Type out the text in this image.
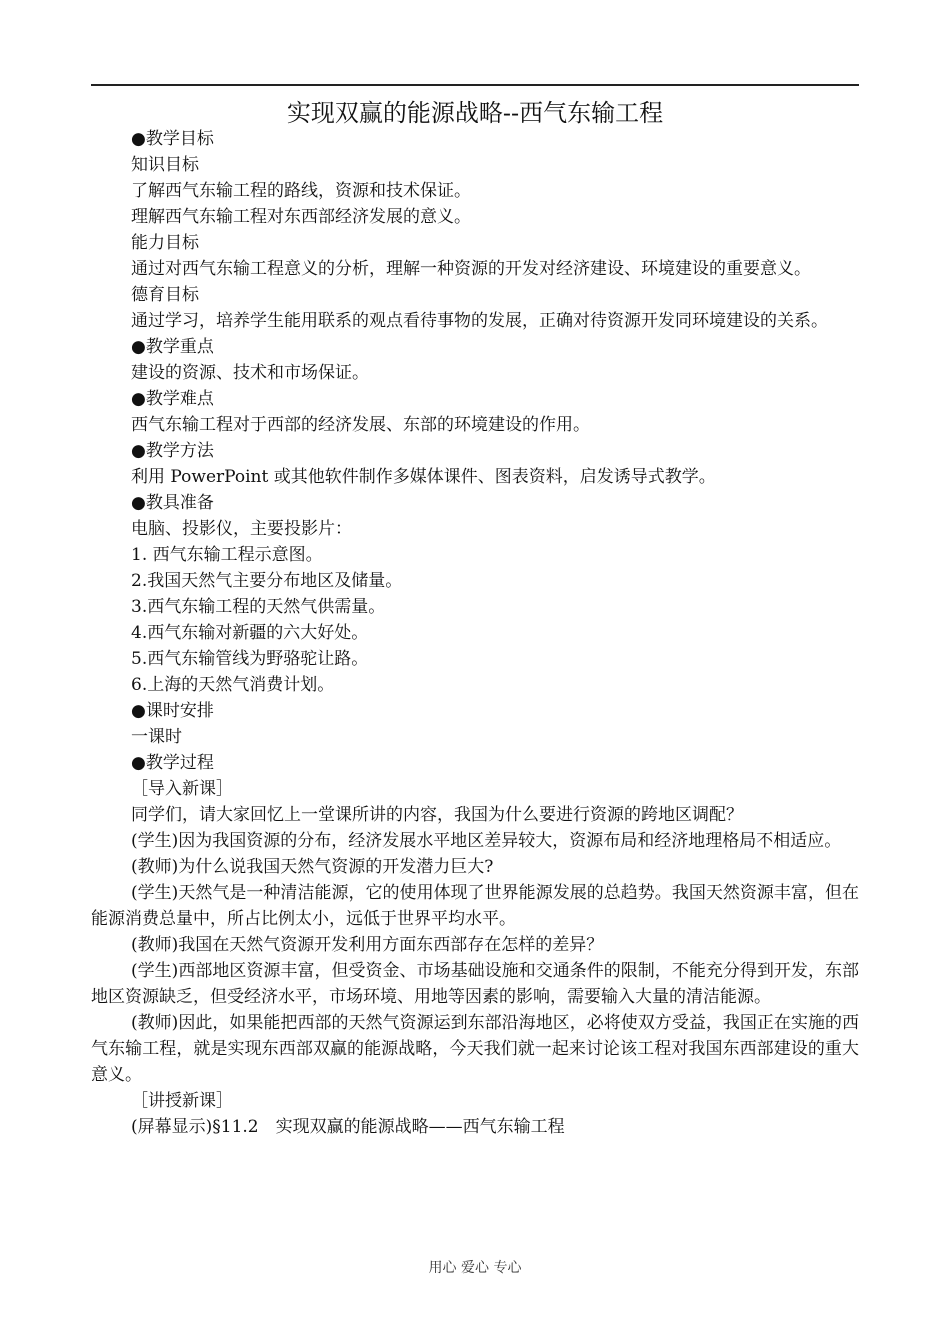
实现双赢的能源战略--西气东输工程

●教学目标

知识目标

了解西气东输工程的路线，资源和技术保证。

理解西气东输工程对东西部经济发展的意义。

能力目标

通过对西气东输工程意义的分析，理解一种资源的开发对经济建设、环境建设的重要意义。

德育目标

通过学习，培养学生能用联系的观点看待事物的发展，正确对待资源开发同环境建设的关系。

●教学重点

建设的资源、技术和市场保证。

●教学难点

西气东输工程对于西部的经济发展、东部的环境建设的作用。

●教学方法

利用 PowerPoint 或其他软件制作多媒体课件、图表资料，启发诱导式教学。

●教具准备

电脑、投影仪，主要投影片：

1. 西气东输工程示意图。

2.我国天然气主要分布地区及储量。

3.西气东输工程的天然气供需量。

4.西气东输对新疆的六大好处。

5.西气东输管线为野骆驼让路。

6.上海的天然气消费计划。

●课时安排

一课时

●教学过程

［导入新课］

同学们，请大家回忆上一堂课所讲的内容，我国为什么要进行资源的跨地区调配？

(学生)因为我国资源的分布，经济发展水平地区差异较大，资源布局和经济地理格局不相适应。

(教师)为什么说我国天然气资源的开发潜力巨大?

(学生)天然气是一种清洁能源，它的使用体现了世界能源发展的总趋势。我国天然资源丰富，但在能源消费总量中，所占比例太小，远低于世界平均水平。

(教师)我国在天然气资源开发利用方面东西部存在怎样的差异？

(学生)西部地区资源丰富，但受资金、市场基础设施和交通条件的限制，不能充分得到开发，东部地区资源缺乏，但受经济水平，市场环境、用地等因素的影响，需要输入大量的清洁能源。

(教师)因此，如果能把西部的天然气资源运到东部沿海地区，必将使双方受益，我国正在实施的西气东输工程，就是实现东西部双赢的能源战略，今天我们就一起来讨论该工程对我国东西部建设的重大意义。

［讲授新课］

(屏幕显示)§11.2　实现双赢的能源战略——西气东输工程

用心 爱心 专心
